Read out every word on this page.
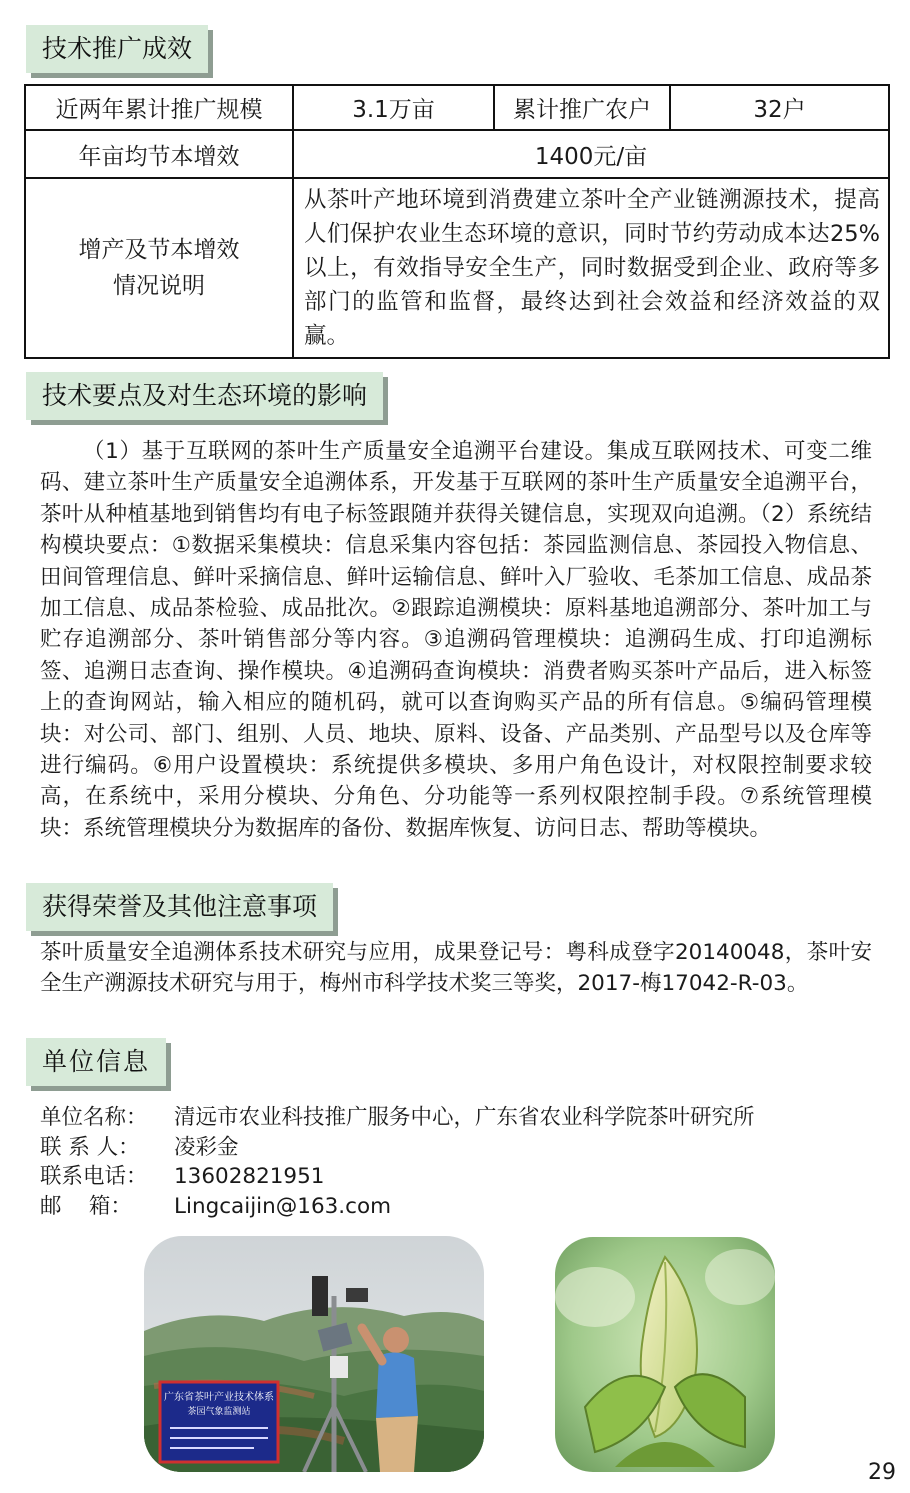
技术推广成效
近两年累计推广规模	3.1万亩	累计推广农户	32户
年亩均节本增效	1400元/亩		

增产及节本增效
情况说明	从茶叶产地环境到消费建立茶叶全产业链溯源技术，提高人们保护农业生态环境的意识，同时节约劳动成本达25%以上，有效指导安全生产，同时数据受到企业、政府等多部门的监管和监督，最终达到社会效益和经济效益的双赢。		
技术要点及对生态环境的影响

（1）基于互联网的茶叶生产质量安全追溯平台建设。集成互联网技术、可变二维码、建立茶叶生产质量安全追溯体系，开发基于互联网的茶叶生产质量安全追溯平台，茶叶从种植基地到销售均有电子标签跟随并获得关键信息，实现双向追溯。（2）系统结构模块要点：①数据采集模块：信息采集内容包括：茶园监测信息、茶园投入物信息、田间管理信息、鲜叶采摘信息、鲜叶运输信息、鲜叶入厂验收、毛茶加工信息、成品茶加工信息、成品茶检验、成品批次。②跟踪追溯模块：原料基地追溯部分、茶叶加工与贮存追溯部分、茶叶销售部分等内容。③追溯码管理模块：追溯码生成、打印追溯标签、追溯日志查询、操作模块。④追溯码查询模块：消费者购买茶叶产品后，进入标签上的查询网站，输入相应的随机码，就可以查询购买产品的所有信息。⑤编码管理模块：对公司、部门、组别、人员、地块、原料、设备、产品类别、产品型号以及仓库等进行编码。⑥用户设置模块：系统提供多模块、多用户角色设计，对权限控制要求较高，在系统中，采用分模块、分角色、分功能等一系列权限控制手段。⑦系统管理模块：系统管理模块分为数据库的备份、数据库恢复、访问日志、帮助等模块。

获得荣誉及其他注意事项

茶叶质量安全追溯体系技术研究与应用，成果登记号：粤科成登字20140048，茶叶安全生产溯源技术研究与用于，梅州市科学技术奖三等奖，2017-梅17042-R-03。

单位信息
单位名称：	清远市农业科技推广服务中心，广东省农业科学院茶叶研究所
联 系 人：	凌彩金
联系电话：	13602821951
邮    箱：	Lingcaijin@163.com
广东省茶叶产业技术体系
茶园气象监测站
29
